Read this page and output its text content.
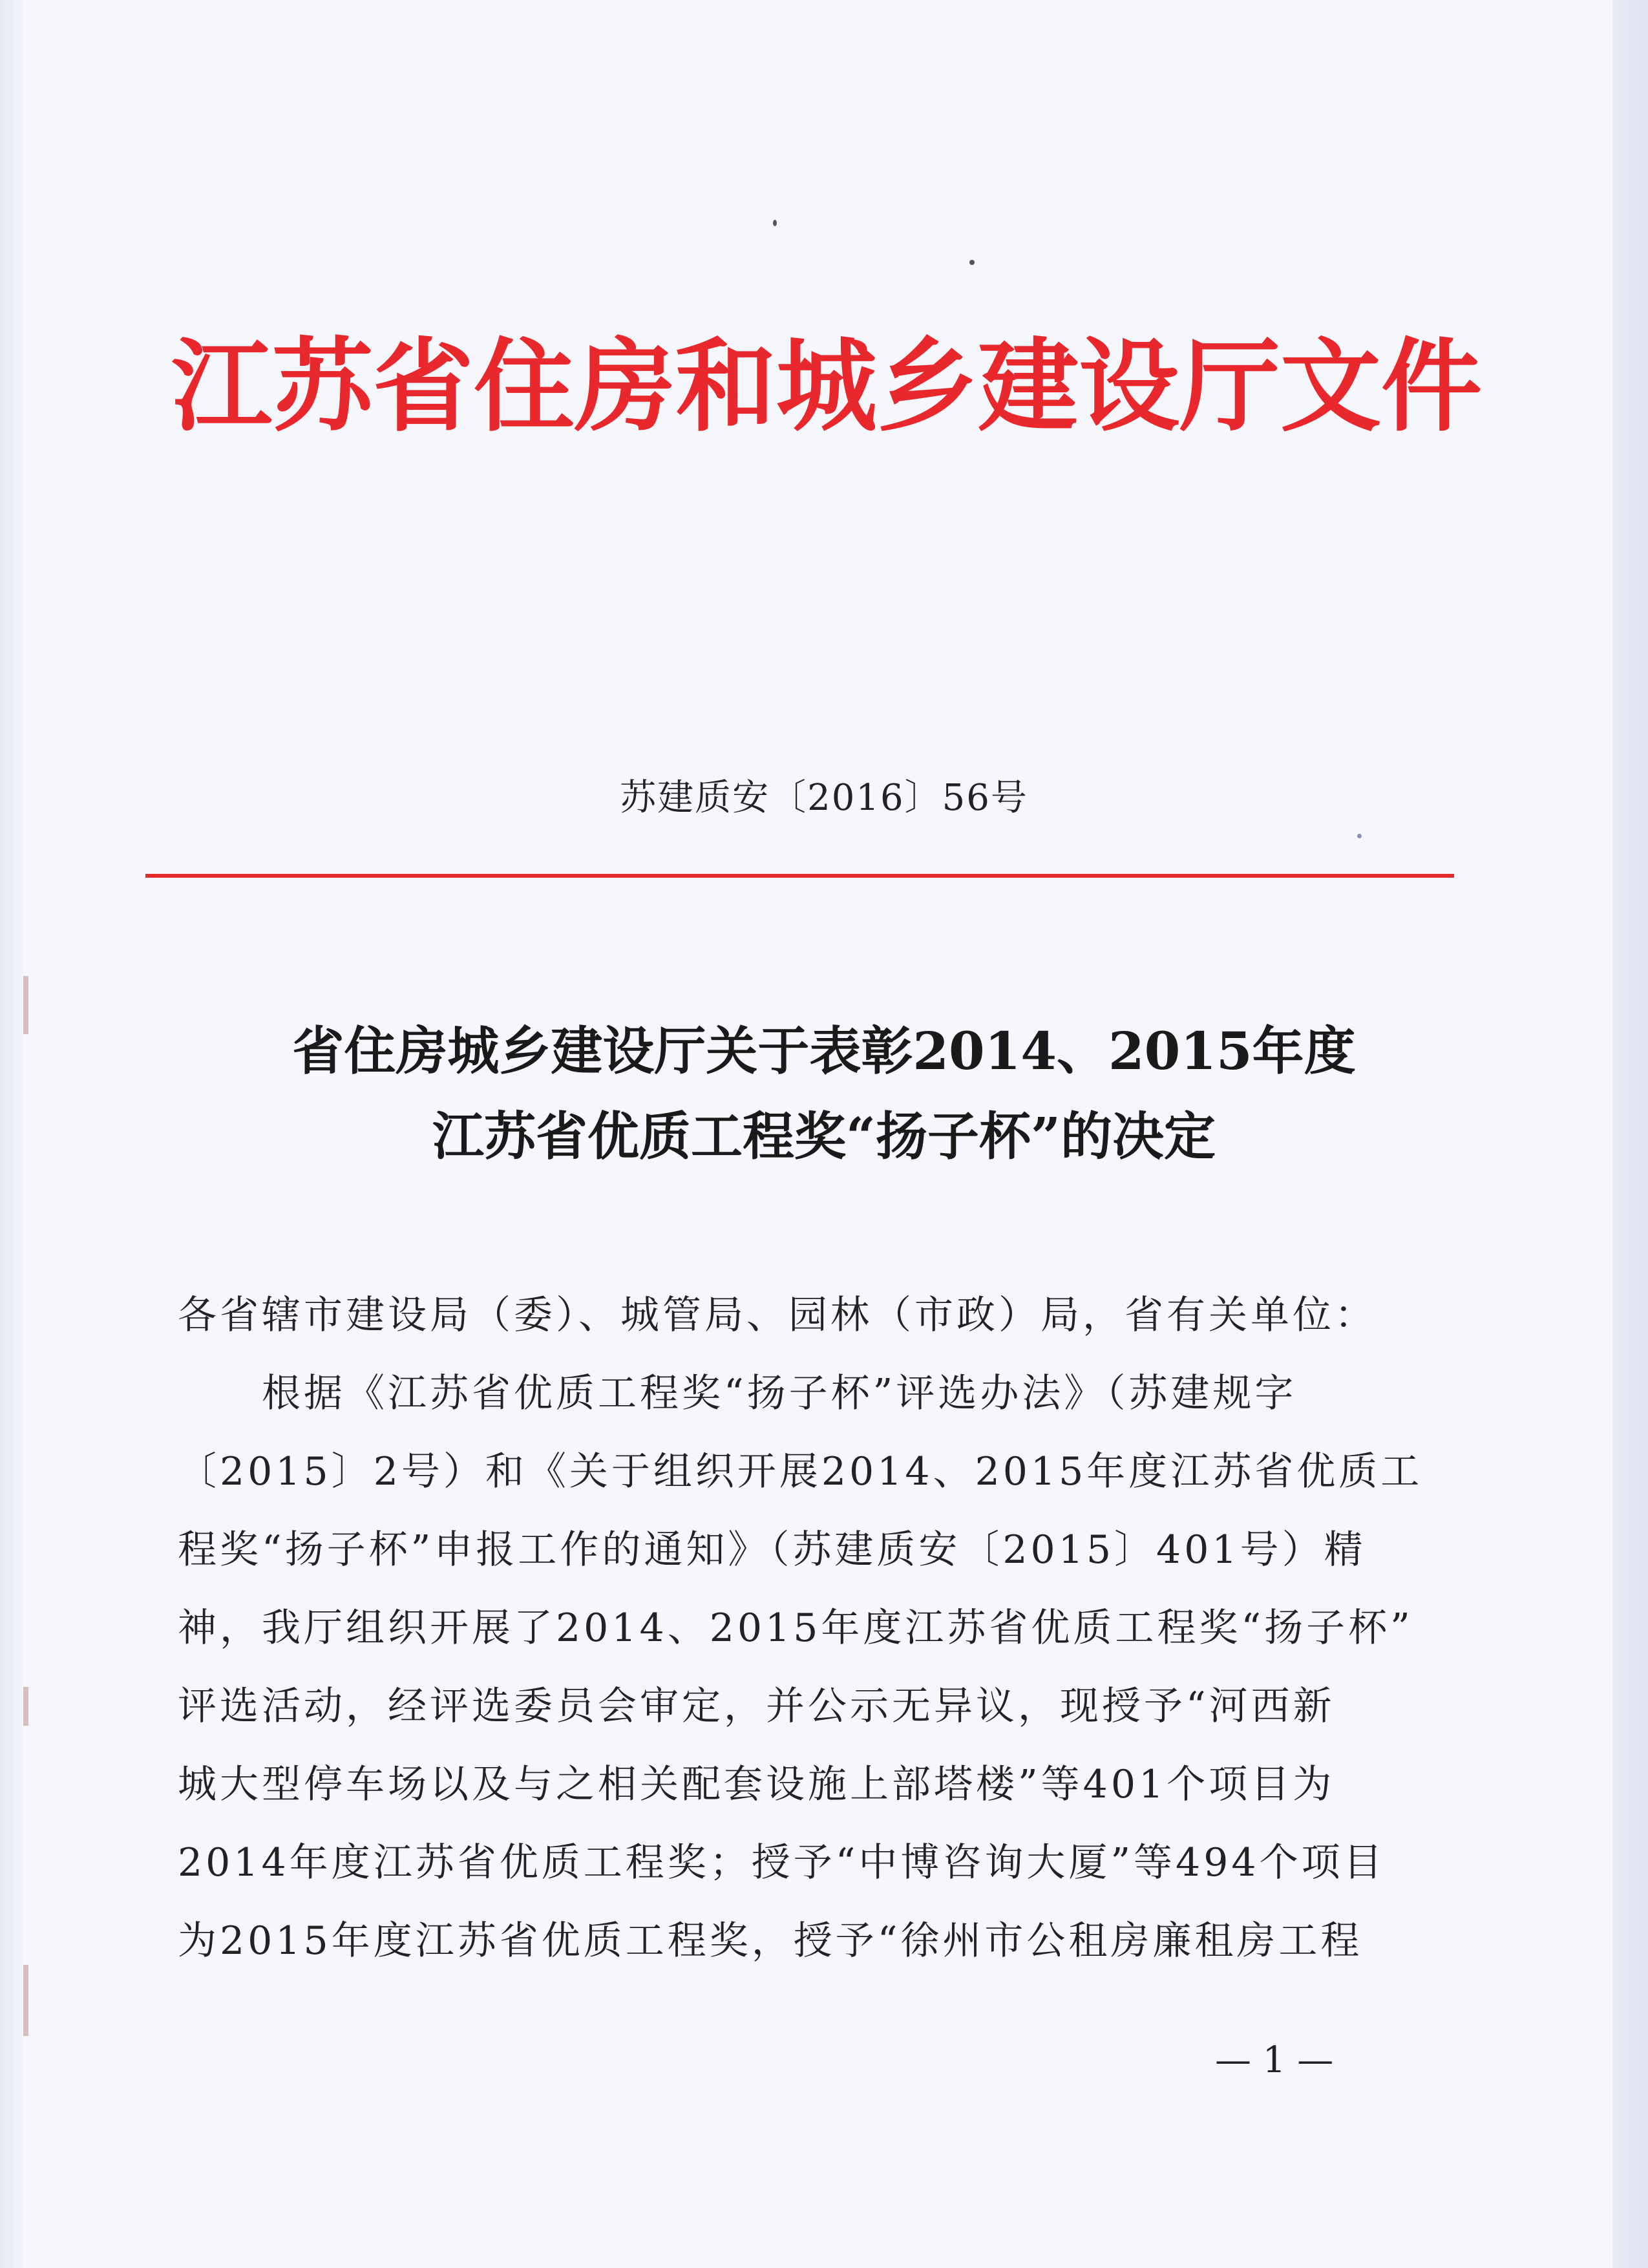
江苏省住房和城乡建设厅文件
苏建质安〔2016〕56号
省住房城乡建设厅关于表彰2014、2015年度
江苏省优质工程奖“扬子杯”的决定
各省辖市建设局（委）、城管局、园林（市政）局，省有关单位：
　　根据《江苏省优质工程奖“扬子杯”评选办法》（苏建规字
〔2015〕2号）和《关于组织开展2014、2015年度江苏省优质工
程奖“扬子杯”申报工作的通知》（苏建质安〔2015〕401号）精
神，我厅组织开展了2014、2015年度江苏省优质工程奖“扬子杯”
评选活动，经评选委员会审定，并公示无异议，现授予“河西新
城大型停车场以及与之相关配套设施上部塔楼”等401个项目为
2014年度江苏省优质工程奖；授予“中博咨询大厦”等494个项目
为2015年度江苏省优质工程奖，授予“徐州市公租房廉租房工程
— 1 —
